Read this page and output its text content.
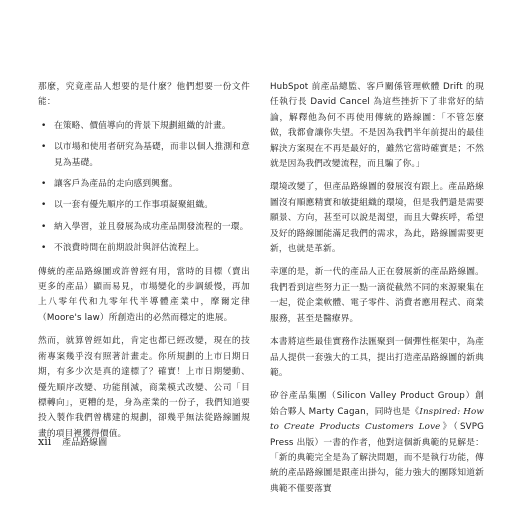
那麼，究竟產品人想要的是什麼？他們想要一份文件能：

• 在策略、價值導向的背景下規劃組織的計畫。
• 以市場和使用者研究為基礎，而非以個人推測和意見為基礎。
• 讓客戶為產品的走向感到興奮。
• 以一套有優先順序的工作事項凝聚組織。
• 納入學習，並且發展為成功產品開發流程的一環。
• 不浪費時間在前期設計與評估流程上。

傳統的產品路線圖或許曾經有用，當時的目標（賣出更多的產品）顯而易見，市場變化的步調緩慢，再加上八零年代和九零年代半導體產業中，摩爾定律（Moore's law）所創造出的必然而穩定的進展。

然而，就算曾經如此，肯定也都已經改變，現在的技術專案幾乎沒有照著計畫走。你所規劃的上市日期日期，有多少次是真的達標了？確實！上市日期變動、優先順序改變、功能削減，商業模式改變、公司「目標轉向」，更糟的是，身為產業的一份子，我們知道要投入製作我們曾構建的規劃，卻幾乎無法從路線圖規畫的項目裡獲得價值。

HubSpot 前產品總監、客戶關係管理軟體 Drift 的現任執行長 David Cancel 為這些挫折下了非常好的結論，解釋他為何不再使用傳統的路線圖：「不管怎麼做，我都會讓你失望。不是因為我們半年前提出的最佳解決方案現在不再是最好的，雖然它當時確實是；不然就是因為我們改變流程，而且騙了你。」

環境改變了，但產品路線圖的發展沒有跟上。產品路線圖沒有順應精實和敏捷組織的環境，但是我們還是需要願景、方向，甚至可以說是渴望，而且大聲疾呼，希望及好的路線圖能滿足我們的需求，為此，路線圖需要更新，也就是革新。

幸運的是，新一代的產品人正在發展新的產品路線圖。我們看到這些努力正一點一滴從截然不同的來源聚集在一起，從企業軟體、電子零件、消費者應用程式、商業服務，甚至是醫療界。

本書將這些最佳實務作法匯聚到一個彈性框架中，為產品人提供一套強大的工具，提出打造產品路線圖的新典範。

矽谷產品集團（Silicon Valley Product Group）創始合夥人 Marty Cagan，同時也是《Inspired: How to Create Products Customers Love》（SVPG Press 出版）一書的作者，他對這個新典範的見解是：「新的典範完全是為了解決問題，而不是執行功能，傳統的產品路線圖是跟產出掛勾，能力強大的團隊知道新典範不僅要落實

xii 產品路線圖
